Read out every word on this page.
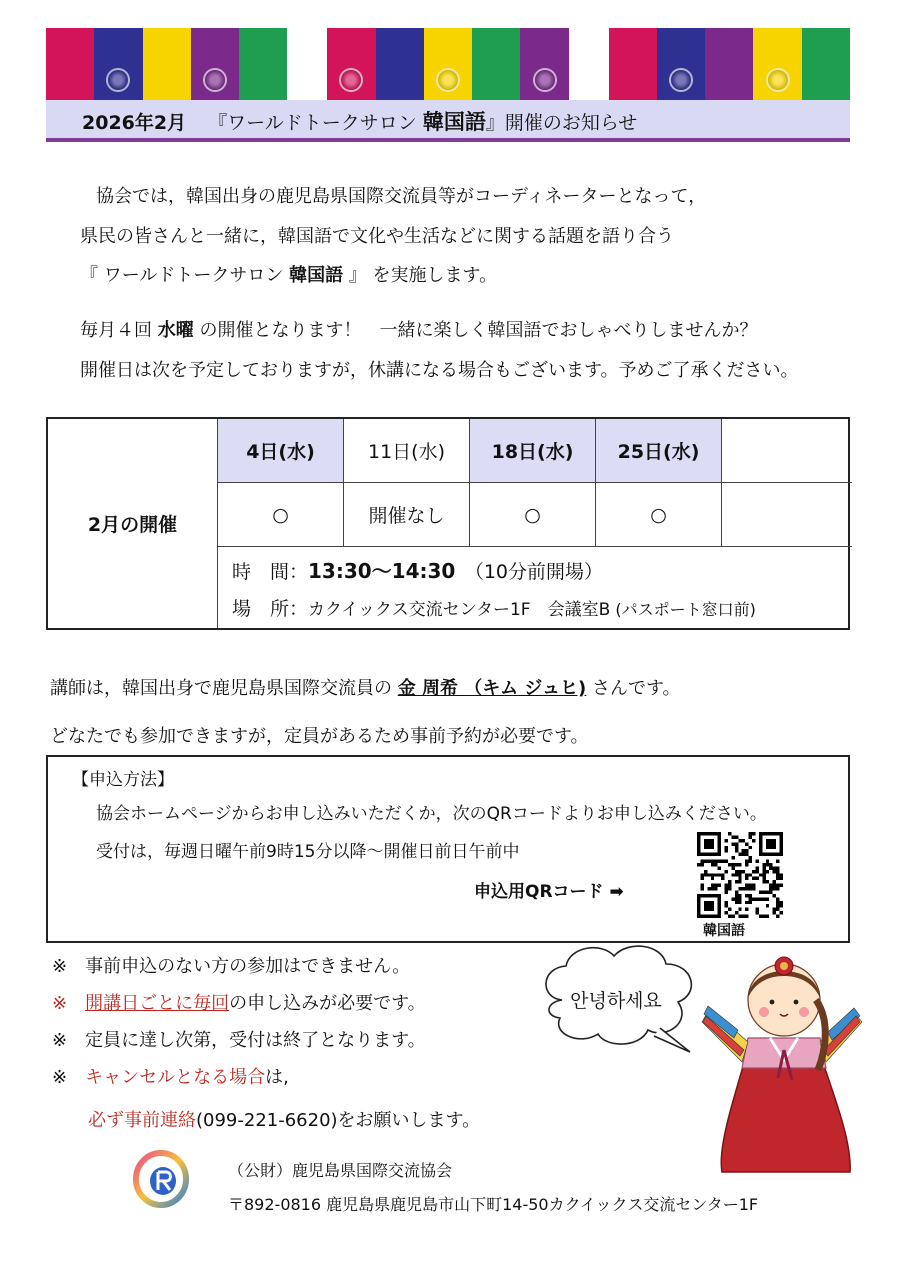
2026年2月 『ワールドトークサロン 韓国語』開催のお知らせ
協会では，韓国出身の鹿児島県国際交流員等がコーディネーターとなって，
県民の皆さんと一緒に，韓国語で文化や生活などに関する話題を語り合う
『 ワールドトークサロン 韓国語 』 を実施します。
毎月４回 水曜 の開催となります！　一緒に楽しく韓国語でおしゃべりしませんか？
開催日は次を予定しておりますが，休講になる場合もございます。予めご了承ください。
2月の開催
4日(水)
○
11日(水)
開催なし
18日(水)
○
25日(水)
○
時　間：13:30～14:30　（10分前開場）
場　所：カクイックス交流センター1F　会議室B (パスポート窓口前)
講師は，韓国出身で鹿児島県国際交流員の 金 周希 （キム ジュヒ) さんです。
どなたでも参加できますが，定員があるため事前予約が必要です。
【申込方法】
協会ホームページからお申し込みいただくか，次のQRコードよりお申し込みください。
受付は，毎週日曜午前9時15分以降～開催日前日午前中
申込用QRコード ➡
韓国語
※　 事前申込のない方の参加はできません。
※　 開講日ごとに毎回の申し込みが必要です。
※　 定員に達し次第，受付は終了となります。
※　 キャンセルとなる場合は,
必ず事前連絡(099-221-6620)をお願いします。
안녕하세요
（公財）鹿児島県国際交流協会
〒892-0816 鹿児島県鹿児島市山下町14-50カクイックス交流センター1F
